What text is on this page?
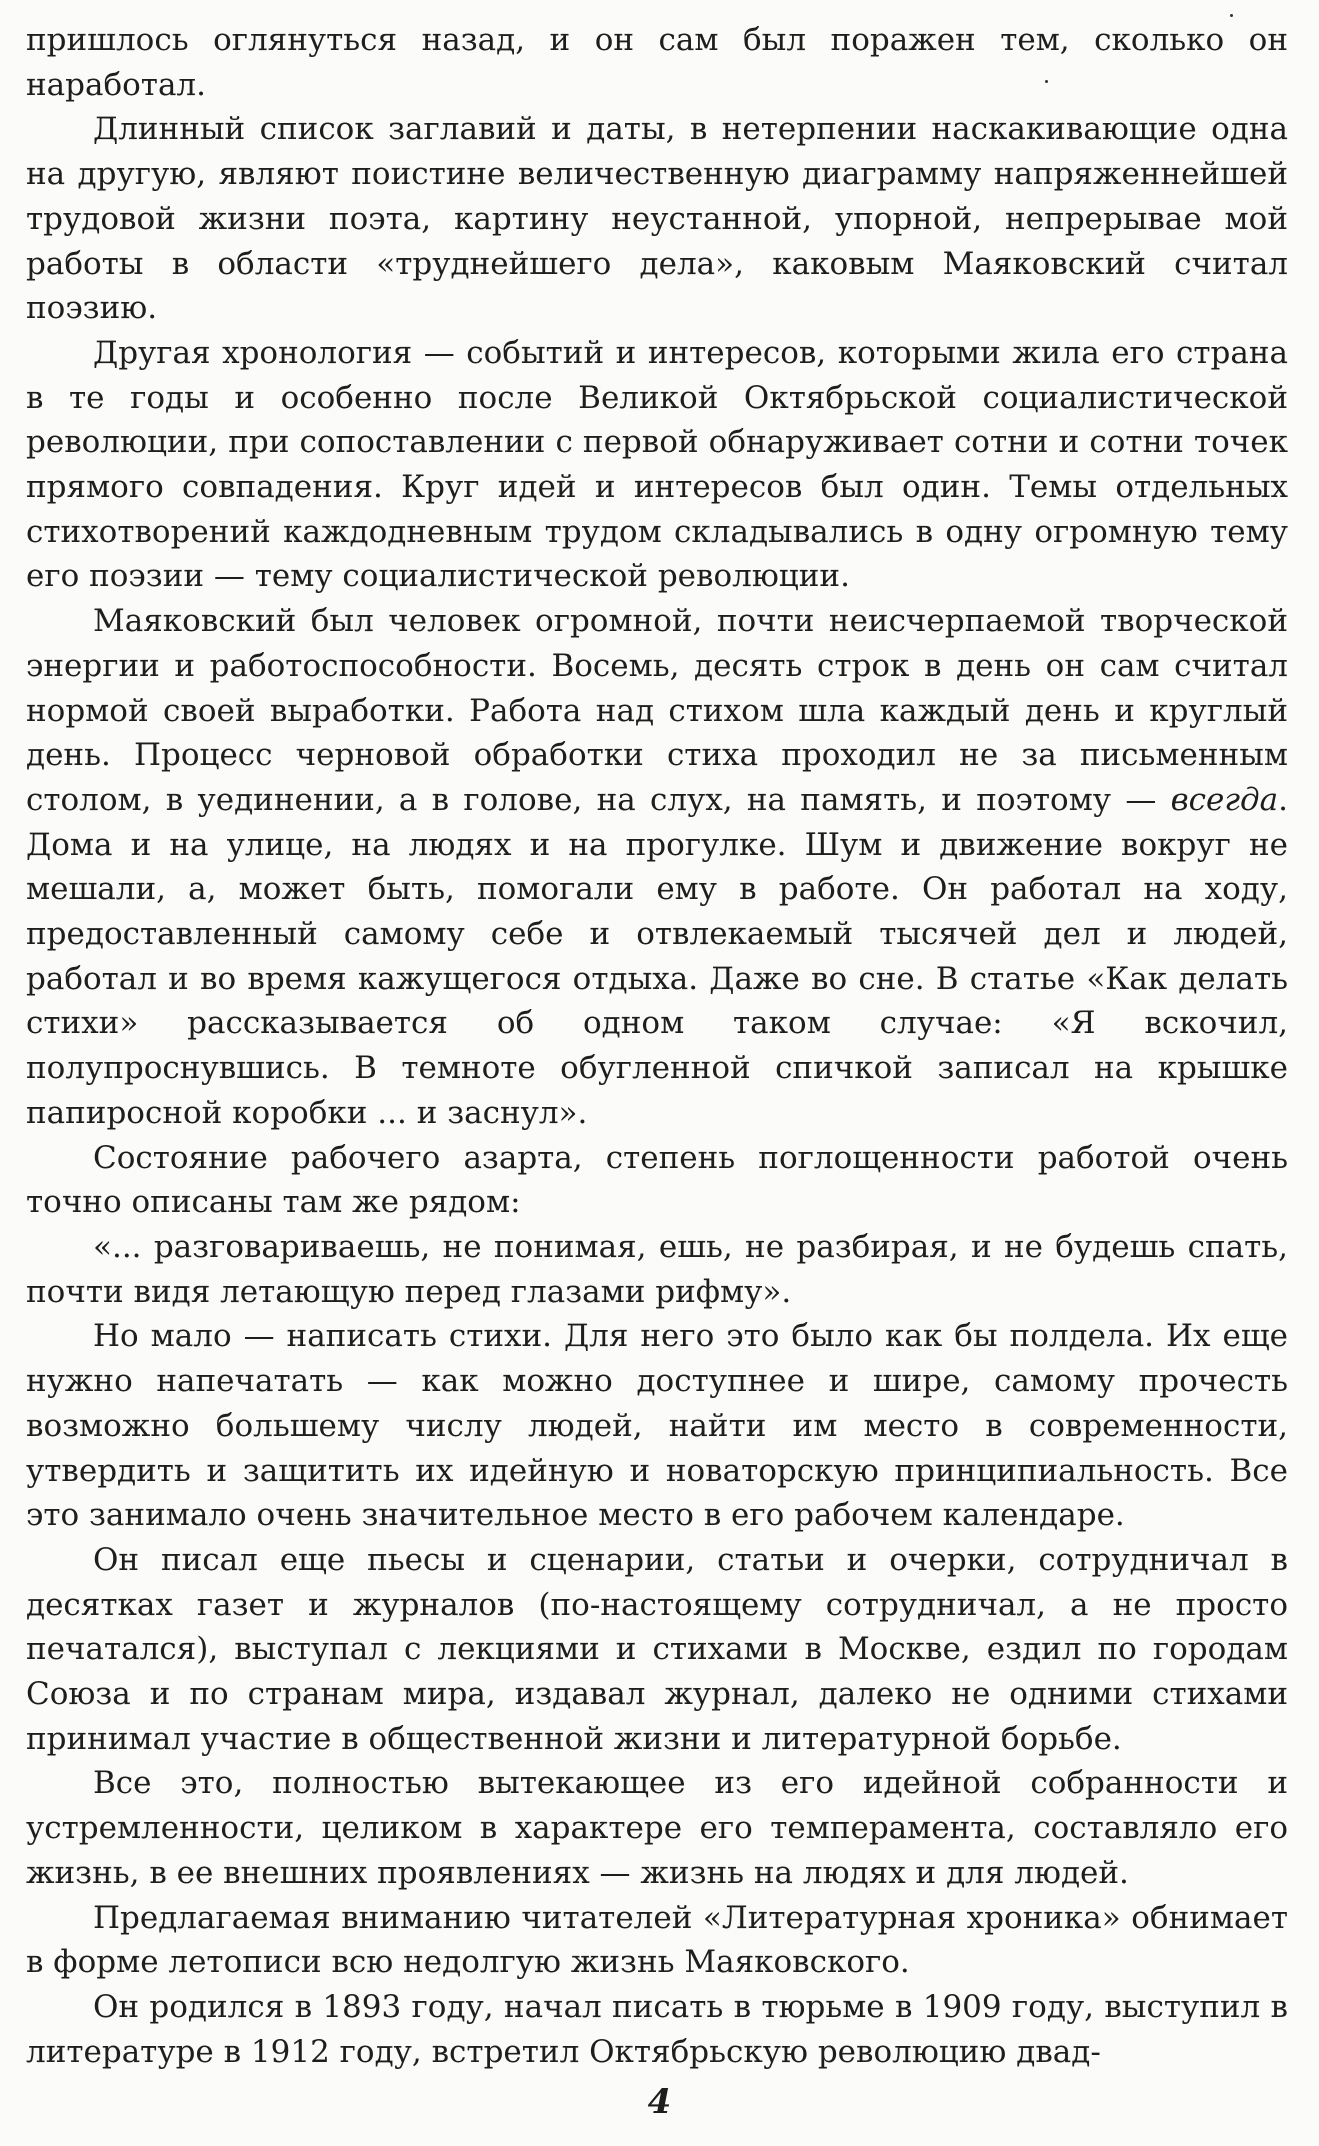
пришлось оглянуться назад, и он сам был поражен тем, сколько он наработал.

Длинный список заглавий и даты, в нетерпении наскакивающие одна на другую, являют поистине величественную диаграмму напряженнейшей трудовой жизни поэта, картину неустанной, упорной, непрерывае мой работы в области «труднейшего дела», каковым Маяковский считал поэзию.

Другая хронология — событий и интересов, которыми жила его страна в те годы и особенно после Великой Октябрьской социалистической революции, при сопоставлении с первой обнаруживает сотни и сотни точек прямого совпадения. Круг идей и интересов был один. Темы отдельных стихотворений каждодневным трудом складывались в одну огромную тему его поэзии — тему социалистической революции.

Маяковский был человек огромной, почти неисчерпаемой творческой энергии и работоспособности. Восемь, десять строк в день он сам считал нормой своей выработки. Работа над стихом шла каждый день и круглый день. Процесс черновой обработки стиха проходил не за письменным столом, в уединении, а в голове, на слух, на память, и поэтому — всегда. Дома и на улице, на людях и на прогулке. Шум и движение вокруг не мешали, а, может быть, помогали ему в работе. Он работал на ходу, предоставленный самому себе и отвлекаемый тысячей дел и людей, работал и во время кажущегося отдыха. Даже во сне. В статье «Как делать стихи» рассказывается об одном таком случае: «Я вскочил, полупроснувшись. В темноте обугленной спичкой записал на крышке папиросной коробки ... и заснул».

Состояние рабочего азарта, степень поглощенности работой очень точно описаны там же рядом:

«... разговариваешь, не понимая, ешь, не разбирая, и не будешь спать, почти видя летающую перед глазами рифму».

Но мало — написать стихи. Для него это было как бы полдела. Их еще нужно напечатать — как можно доступнее и шире, самому прочесть возможно большему числу людей, найти им место в современности, утвердить и защитить их идейную и новаторскую принципиальность. Все это занимало очень значительное место в его рабочем календаре.

Он писал еще пьесы и сценарии, статьи и очерки, сотрудничал в десятках газет и журналов (по-настоящему сотрудничал, а не просто печатался), выступал с лекциями и стихами в Москве, ездил по городам Союза и по странам мира, издавал журнал, далеко не одними стихами принимал участие в общественной жизни и литературной борьбе.

Все это, полностью вытекающее из его идейной собранности и устремленности, целиком в характере его темперамента, составляло его жизнь, в ее внешних проявлениях — жизнь на людях и для людей.

Предлагаемая вниманию читателей «Литературная хроника» обнимает в форме летописи всю недолгую жизнь Маяковского.

Он родился в 1893 году, начал писать в тюрьме в 1909 году, выступил в литературе в 1912 году, встретил Октябрьскую революцию двад-

4
